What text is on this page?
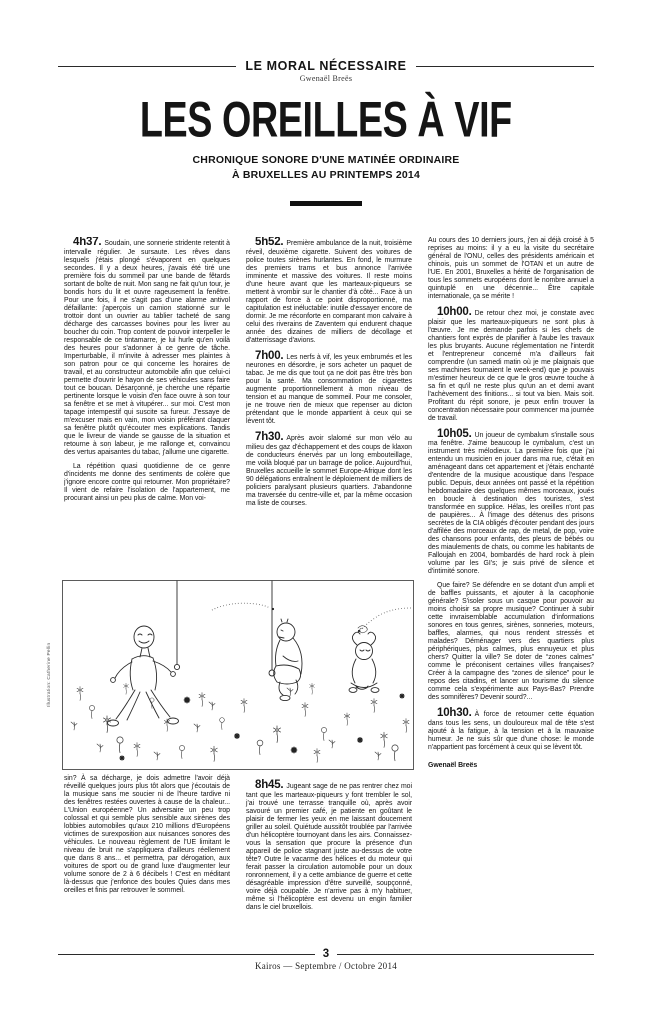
LE MORAL NÉCESSAIRE
Gwenaël Breës
LES OREILLES À VIF
CHRONIQUE SONORE D'UNE MATINÉE ORDINAIRE
À BRUXELLES AU PRINTEMPS 2014

4h37. Soudain, une sonnerie stridente retentit à intervalle régulier. Je sursaute. Les rêves dans lesquels j'étais plongé s'évaporent en quelques secondes. Il y a deux heures, j'avais été tiré une première fois du sommeil par une bande de fêtards sortant de boîte de nuit. Mon sang ne fait qu'un tour, je bondis hors du lit et ouvre rageusement la fenêtre. Pour une fois, il ne s'agit pas d'une alarme antivol défaillante: j'aperçois un camion stationné sur le trottoir dont un ouvrier au tablier tacheté de sang décharge des carcasses bovines pour les livrer au boucher du coin. Trop content de pouvoir interpeller le responsable de ce tintamarre, je lui hurle qu'en voilà des heures pour s'adonner à ce genre de tâche. Imperturbable, il m'invite à adresser mes plaintes à son patron pour ce qui concerne les horaires de travail, et au constructeur automobile afin que celui-ci permette d'ouvrir le hayon de ses véhicules sans faire tout ce boucan. Désarçonné, je cherche une répartie pertinente lorsque le voisin d'en face ouvre à son tour sa fenêtre et se met à vitupérer... sur moi. C'est mon tapage intempestif qui suscite sa fureur. J'essaye de m'excuser mais en vain, mon voisin préférant claquer sa fenêtre plutôt qu'écouter mes explications. Tandis que le livreur de viande se gausse de la situation et retourne à son labeur, je me rallonge et, convaincu des vertus apaisantes du tabac, j'allume une cigarette.

La répétition quasi quotidienne de ce genre d'incidents me donne des sentiments de colère que j'ignore encore contre qui retourner. Mon propriétaire? Il vient de refaire l'isolation de l'appartement, me procurant ainsi un peu plus de calme. Mon voi-

sin? À sa décharge, je dois admettre l'avoir déjà réveillé quelques jours plus tôt alors que j'écoutais de la musique sans me soucier ni de l'heure tardive ni des fenêtres restées ouvertes à cause de la chaleur... L'Union européenne? Un adversaire un peu trop colossal et qui semble plus sensible aux sirènes des lobbies automobiles qu'aux 210 millions d'Européens victimes de surexposition aux nuisances sonores des véhicules. Le nouveau règlement de l'UE limitant le niveau de bruit ne s'appliquera d'ailleurs réellement que dans 8 ans... et permettra, par dérogation, aux voitures de sport ou de grand luxe d'augmenter leur volume sonore de 2 à 6 décibels ! C'est en méditant là-dessus que j'enfonce des boules Quies dans mes oreilles et finis par retrouver le sommeil.

5h52. Première ambulance de la nuit, troisième réveil, deuxième cigarette. Suivent des voitures de police toutes sirènes hurlantes. En fond, le murmure des premiers trams et bus annonce l'arrivée imminente et massive des voitures. Il reste moins d'une heure avant que les marteaux-piqueurs se mettent à vrombir sur le chantier d'à côté... Face à un rapport de force à ce point disproportionné, ma capitulation est inéluctable: inutile d'essayer encore de dormir. Je me réconforte en comparant mon calvaire à celui des riverains de Zaventem qui endurent chaque année des dizaines de milliers de décollage et d'atterrissage d'avions.

7h00. Les nerfs à vif, les yeux embrumés et les neurones en désordre, je sors acheter un paquet de tabac. Je me dis que tout ça ne doit pas être très bon pour la santé. Ma consommation de cigarettes augmente proportionnellement à mon niveau de tension et au manque de sommeil. Pour me consoler, je ne trouve rien de mieux que repenser au dicton prétendant que le monde appartient à ceux qui se lèvent tôt.

7h30. Après avoir slalomé sur mon vélo au milieu des gaz d'échappement et des coups de klaxon de conducteurs énervés par un long embouteillage, me voilà bloqué par un barrage de police. Aujourd'hui, Bruxelles accueille le sommet Europe-Afrique dont les 90 délégations entraînent le déploiement de milliers de policiers paralysant plusieurs quartiers. J'abandonne ma traversée du centre-ville et, par la même occasion ma liste de courses.

8h45. Jugeant sage de ne pas rentrer chez moi tant que les marteaux-piqueurs y font trembler le sol, j'ai trouvé une terrasse tranquille où, après avoir savouré un premier café, je patiente en goûtant le plaisir de fermer les yeux en me laissant doucement griller au soleil. Quiétude aussitôt troublée par l'arrivée d'un hélicoptère tournoyant dans les airs. Connaissez-vous la sensation que procure la présence d'un appareil de police stagnant juste au-dessus de votre tête? Outre le vacarme des hélices et du moteur qui ferait passer la circulation automobile pour un doux ronronnement, il y a cette ambiance de guerre et cette désagréable impression d'être surveillé, soupçonné, voire déjà coupable. Je n'arrive pas à m'y habituer, même si l'hélicoptère est devenu un engin familier dans le ciel bruxellois.

Au cours des 10 derniers jours, j'en ai déjà croisé à 5 reprises au moins: il y a eu la visite du secrétaire général de l'ONU, celles des présidents américain et chinois, puis un sommet de l'OTAN et un autre de l'UE. En 2001, Bruxelles a hérité de l'organisation de tous les sommets européens dont le nombre annuel a quintuplé en une décennie... Être capitale internationale, ça se mérite !

10h00. De retour chez moi, je constate avec plaisir que les marteaux-piqueurs ne sont plus à l'œuvre. Je me demande parfois si les chefs de chantiers font exprès de planifier à l'aube les travaux les plus bruyants. Aucune réglementation ne l'interdit et l'entrepreneur concerné m'a d'ailleurs fait comprendre (un samedi matin où je me plaignais que ses machines tournaient le week-end) que je pouvais m'estimer heureux de ce que le gros œuvre touche à sa fin et qu'il ne reste plus qu'un an et demi avant l'achèvement des finitions... si tout va bien. Mais soit. Profitant du répit sonore, je peux enfin trouver la concentration nécessaire pour commencer ma journée de travail.

10h05. Un joueur de cymbalum s'installe sous ma fenêtre. J'aime beaucoup le cymbalum, c'est un instrument très mélodieux. La première fois que j'ai entendu un musicien en jouer dans ma rue, c'était en aménageant dans cet appartement et j'étais enchanté d'entendre de la musique acoustique dans l'espace public. Depuis, deux années ont passé et la répétition hebdomadaire des quelques mêmes morceaux, joués en boucle à destination des touristes, s'est transformée en supplice. Hélas, les oreilles n'ont pas de paupières... À l'image des détenus des prisons secrètes de la CIA obligés d'écouter pendant des jours d'affilée des morceaux de rap, de metal, de pop, voire des chansons pour enfants, des pleurs de bébés ou des miaulements de chats, ou comme les habitants de Falloujah en 2004, bombardés de hard rock à plein volume par les GI's; je suis privé de silence et d'intimité sonore.

Que faire? Se défendre en se dotant d'un ampli et de baffles puissants, et ajouter à la cacophonie générale? S'isoler sous un casque pour pouvoir au moins choisir sa propre musique? Continuer à subir cette invraisemblable accumulation d'informations sonores en tous genres, sirènes, sonneries, moteurs, baffles, alarmes, qui nous rendent stressés et malades? Déménager vers des quartiers plus périphériques, plus calmes, plus ennuyeux et plus chers? Quitter la ville? Se doter de “zones calmes” comme le préconisent certaines villes françaises? Créer à la campagne des “zones de silence” pour le repos des citadins, et lancer un tourisme du silence comme cela s'expérimente aux Pays-Bas? Prendre des somnifères? Devenir sourd?...

10h30. À force de retourner cette équation dans tous les sens, un douloureux mal de tête s'est ajouté à la fatigue, à la tension et à la mauvaise humeur. Je ne suis sûr que d'une chose: le monde n'appartient pas forcément à ceux qui se lèvent tôt.

Gwenaël Breës

Illustration: Catherine Pellin
3
Kairos — Septembre / Octobre 2014
